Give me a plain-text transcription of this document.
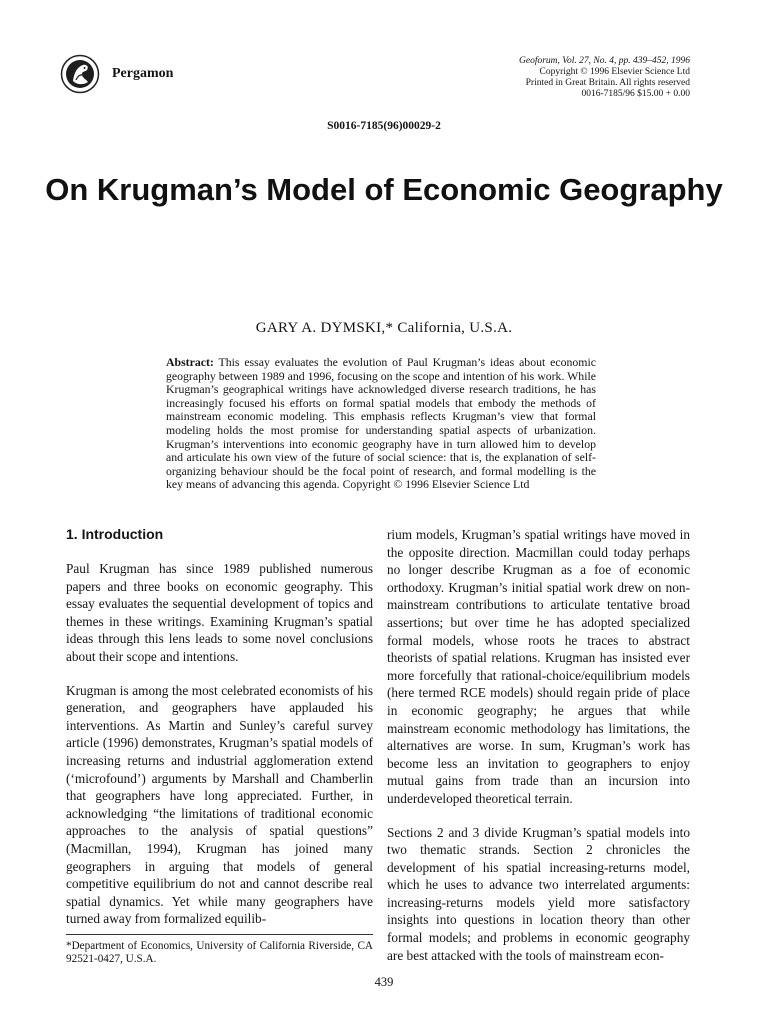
Pergamon
Geoforum, Vol. 27, No. 4, pp. 439–452, 1996
Copyright © 1996 Elsevier Science Ltd
Printed in Great Britain. All rights reserved
0016-7185/96 $15.00 + 0.00
S0016-7185(96)00029-2
On Krugman’s Model of Economic Geography
GARY A. DYMSKI,* California, U.S.A.
Abstract: This essay evaluates the evolution of Paul Krugman’s ideas about economic geography between 1989 and 1996, focusing on the scope and intention of his work. While Krugman’s geographical writings have acknowledged diverse research traditions, he has increasingly focused his efforts on formal spatial models that embody the methods of mainstream economic modeling. This emphasis reflects Krugman’s view that formal modeling holds the most promise for understanding spatial aspects of urbanization. Krugman’s interventions into economic geography have in turn allowed him to develop and articulate his own view of the future of social science: that is, the explanation of self-organizing behaviour should be the focal point of research, and formal modelling is the key means of advancing this agenda. Copyright © 1996 Elsevier Science Ltd
1. Introduction

Paul Krugman has since 1989 published numerous papers and three books on economic geography. This essay evaluates the sequential development of topics and themes in these writings. Examining Krugman’s spatial ideas through this lens leads to some novel conclusions about their scope and intentions.

Krugman is among the most celebrated economists of his generation, and geographers have applauded his interventions. As Martin and Sunley’s careful survey article (1996) demonstrates, Krugman’s spatial models of increasing returns and industrial agglomeration extend (‘microfound’) arguments by Marshall and Chamberlin that geographers have long appreciated. Further, in acknowledging “the limitations of traditional economic approaches to the analysis of spatial questions” (Macmillan, 1994), Krugman has joined many geographers in arguing that models of general competitive equilibrium do not and cannot describe real spatial dynamics. Yet while many geographers have turned away from formalized equilib-

rium models, Krugman’s spatial writings have moved in the opposite direction. Macmillan could today perhaps no longer describe Krugman as a foe of economic orthodoxy. Krugman’s initial spatial work drew on non-mainstream contributions to articulate tentative broad assertions; but over time he has adopted specialized formal models, whose roots he traces to abstract theorists of spatial relations. Krugman has insisted ever more forcefully that rational-choice/equilibrium models (here termed RCE models) should regain pride of place in economic geography; he argues that while mainstream economic methodology has limitations, the alternatives are worse. In sum, Krugman’s work has become less an invitation to geographers to enjoy mutual gains from trade than an incursion into underdeveloped theoretical terrain.

Sections 2 and 3 divide Krugman’s spatial models into two thematic strands. Section 2 chronicles the development of his spatial increasing-returns model, which he uses to advance two interrelated arguments: increasing-returns models yield more satisfactory insights into questions in location theory than other formal models; and problems in economic geography are best attacked with the tools of mainstream econ-

*Department of Economics, University of California Riverside, CA 92521-0427, U.S.A.
439
